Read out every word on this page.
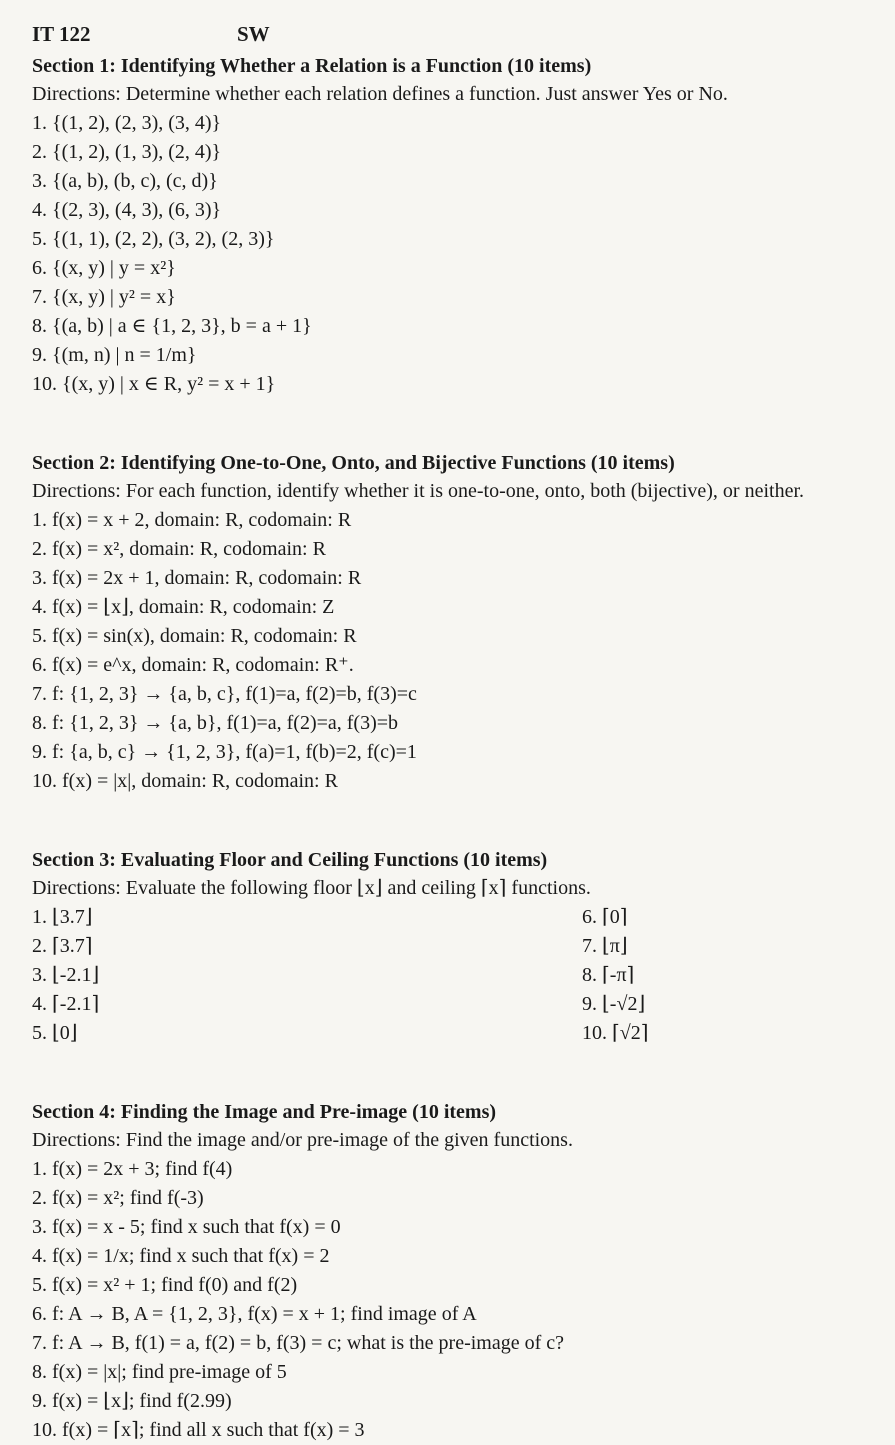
IT 122	SW
Section 1: Identifying Whether a Relation is a Function (10 items)
Directions: Determine whether each relation defines a function. Just answer Yes or No.
1. {(1, 2), (2, 3), (3, 4)}
2. {(1, 2), (1, 3), (2, 4)}
3. {(a, b), (b, c), (c, d)}
4. {(2, 3), (4, 3), (6, 3)}
5. {(1, 1), (2, 2), (3, 2), (2, 3)}
6. {(x, y) | y = x²}
7. {(x, y) | y² = x}
8. {(a, b) | a ∈ {1, 2, 3}, b = a + 1}
9. {(m, n) | n = 1/m}
10. {(x, y) | x ∈ R, y² = x + 1}
Section 2: Identifying One-to-One, Onto, and Bijective Functions (10 items)
Directions: For each function, identify whether it is one-to-one, onto, both (bijective), or neither.
1. f(x) = x + 2, domain: R, codomain: R
2. f(x) = x², domain: R, codomain: R
3. f(x) = 2x + 1, domain: R, codomain: R
4. f(x) = ⌊x⌋, domain: R, codomain: Z
5. f(x) = sin(x), domain: R, codomain: R
6. f(x) = e^x, domain: R, codomain: R⁺.
7. f: {1, 2, 3} → {a, b, c}, f(1)=a, f(2)=b, f(3)=c
8. f: {1, 2, 3} → {a, b}, f(1)=a, f(2)=a, f(3)=b
9. f: {a, b, c} → {1, 2, 3}, f(a)=1, f(b)=2, f(c)=1
10. f(x) = |x|, domain: R, codomain: R
Section 3: Evaluating Floor and Ceiling Functions (10 items)
Directions: Evaluate the following floor ⌊x⌋ and ceiling ⌈x⌉ functions.
1. ⌊3.7⌋
2. ⌈3.7⌉
3. ⌊-2.1⌋
4. ⌈-2.1⌉
5. ⌊0⌋
6. ⌈0⌉
7. ⌊π⌋
8. ⌈-π⌉
9. ⌊-√2⌋
10. ⌈√2⌉
Section 4: Finding the Image and Pre-image (10 items)
Directions: Find the image and/or pre-image of the given functions.
1. f(x) = 2x + 3; find f(4)
2. f(x) = x²; find f(-3)
3. f(x) = x - 5; find x such that f(x) = 0
4. f(x) = 1/x; find x such that f(x) = 2
5. f(x) = x² + 1; find f(0) and f(2)
6. f: A → B, A = {1, 2, 3}, f(x) = x + 1; find image of A
7. f: A → B, f(1) = a, f(2) = b, f(3) = c; what is the pre-image of c?
8. f(x) = |x|; find pre-image of 5
9. f(x) = ⌊x⌋; find f(2.99)
10. f(x) = ⌈x⌉; find all x such that f(x) = 3
